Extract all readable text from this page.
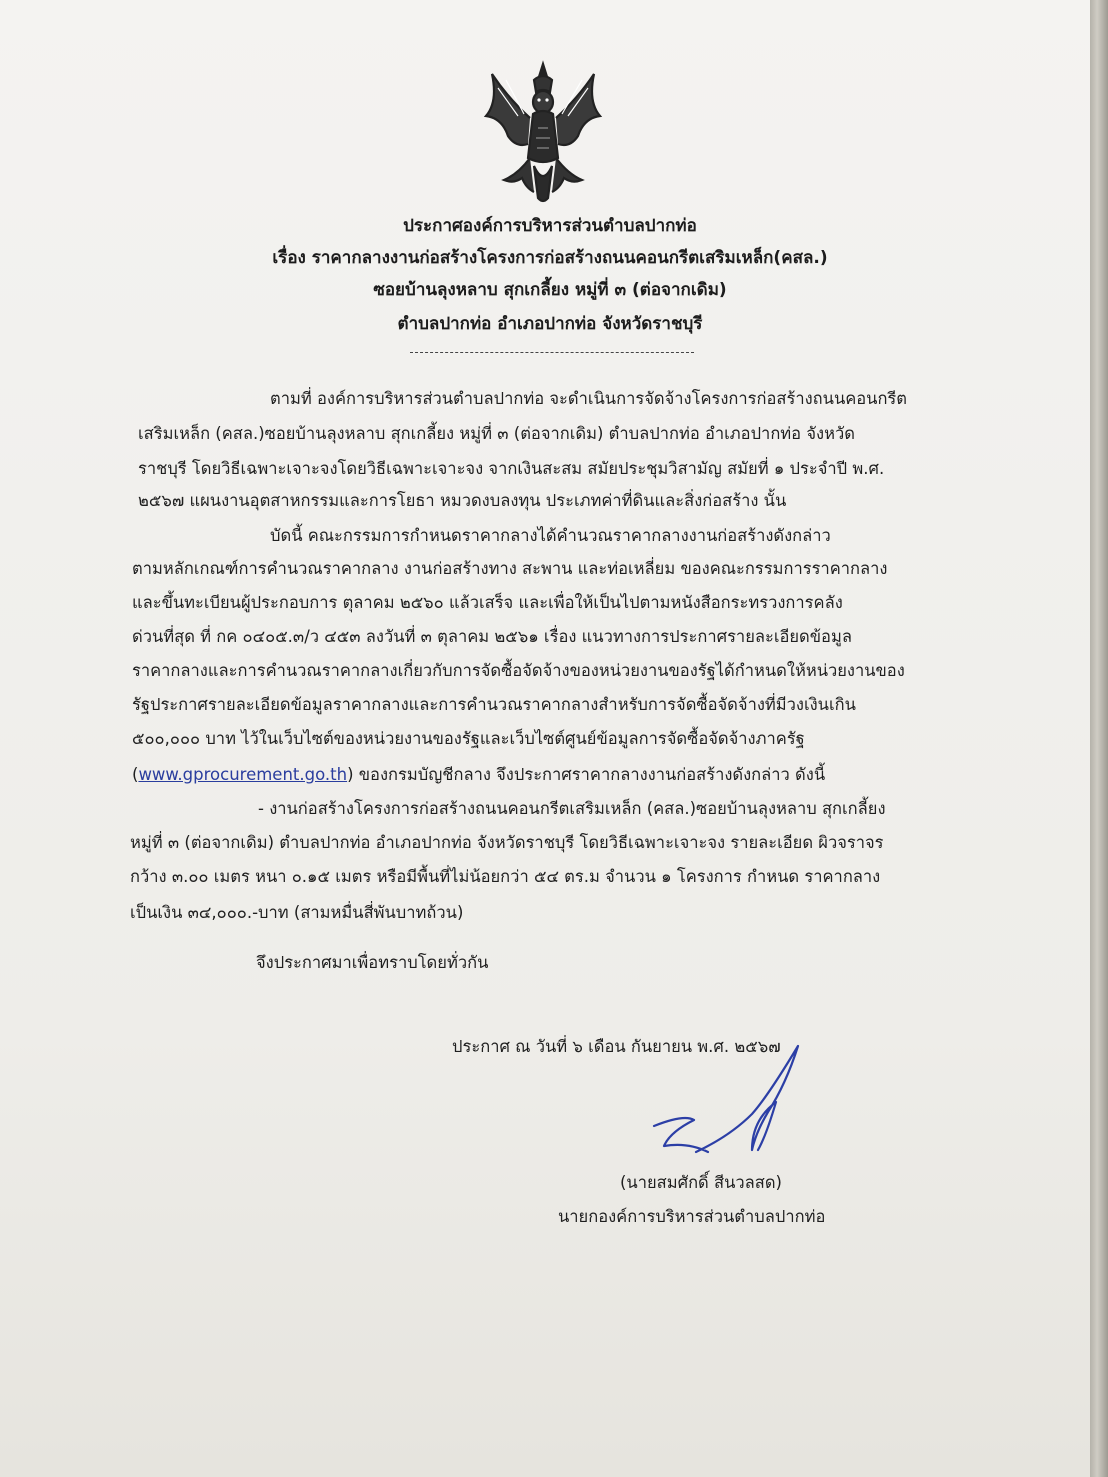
ประกาศองค์การบริหารส่วนตำบลปากท่อ
เรื่อง ราคากลางงานก่อสร้างโครงการก่อสร้างถนนคอนกรีตเสริมเหล็ก(คสล.)
ซอยบ้านลุงหลาบ สุกเกลี้ยง หมู่ที่ ๓ (ต่อจากเดิม)
ตำบลปากท่อ อำเภอปากท่อ จังหวัดราชบุรี
ตามที่ องค์การบริหารส่วนตำบลปากท่อ จะดำเนินการจัดจ้างโครงการก่อสร้างถนนคอนกรีต
เสริมเหล็ก (คสล.)ซอยบ้านลุงหลาบ สุกเกลี้ยง หมู่ที่ ๓ (ต่อจากเดิม) ตำบลปากท่อ อำเภอปากท่อ จังหวัด
ราชบุรี โดยวิธีเฉพาะเจาะจงโดยวิธีเฉพาะเจาะจง จากเงินสะสม สมัยประชุมวิสามัญ สมัยที่ ๑ ประจำปี พ.ศ.
๒๕๖๗ แผนงานอุตสาหกรรมและการโยธา หมวดงบลงทุน ประเภทค่าที่ดินและสิ่งก่อสร้าง นั้น
บัดนี้ คณะกรรมการกำหนดราคากลางได้คำนวณราคากลางงานก่อสร้างดังกล่าว
ตามหลักเกณฑ์การคำนวณราคากลาง งานก่อสร้างทาง สะพาน และท่อเหลี่ยม ของคณะกรรมการราคากลาง
และขึ้นทะเบียนผู้ประกอบการ ตุลาคม ๒๕๖๐ แล้วเสร็จ และเพื่อให้เป็นไปตามหนังสือกระทรวงการคลัง
ด่วนที่สุด ที่ กค ๐๔๐๕.๓/ว ๔๕๓ ลงวันที่ ๓ ตุลาคม ๒๕๖๑ เรื่อง แนวทางการประกาศรายละเอียดข้อมูล
ราคากลางและการคำนวณราคากลางเกี่ยวกับการจัดซื้อจัดจ้างของหน่วยงานของรัฐได้กำหนดให้หน่วยงานของ
รัฐประกาศรายละเอียดข้อมูลราคากลางและการคำนวณราคากลางสำหรับการจัดซื้อจัดจ้างที่มีวงเงินเกิน
๕๐๐,๐๐๐ บาท ไว้ในเว็บไซต์ของหน่วยงานของรัฐและเว็บไซต์ศูนย์ข้อมูลการจัดซื้อจัดจ้างภาครัฐ
(www.gprocurement.go.th) ของกรมบัญชีกลาง จึงประกาศราคากลางงานก่อสร้างดังกล่าว ดังนี้
- งานก่อสร้างโครงการก่อสร้างถนนคอนกรีตเสริมเหล็ก (คสล.)ซอยบ้านลุงหลาบ สุกเกลี้ยง
หมู่ที่ ๓ (ต่อจากเดิม) ตำบลปากท่อ อำเภอปากท่อ จังหวัดราชบุรี โดยวิธีเฉพาะเจาะจง รายละเอียด ผิวจราจร
กว้าง ๓.๐๐ เมตร หนา ๐.๑๕ เมตร หรือมีพื้นที่ไม่น้อยกว่า ๕๔ ตร.ม จำนวน ๑ โครงการ กำหนด ราคากลาง
เป็นเงิน ๓๔,๐๐๐.-บาท (สามหมื่นสี่พันบาทถ้วน)
จึงประกาศมาเพื่อทราบโดยทั่วกัน
ประกาศ ณ วันที่ ๖ เดือน กันยายน พ.ศ. ๒๕๖๗
(นายสมศักดิ์ สีนวลสด)
นายกองค์การบริหารส่วนตำบลปากท่อ
